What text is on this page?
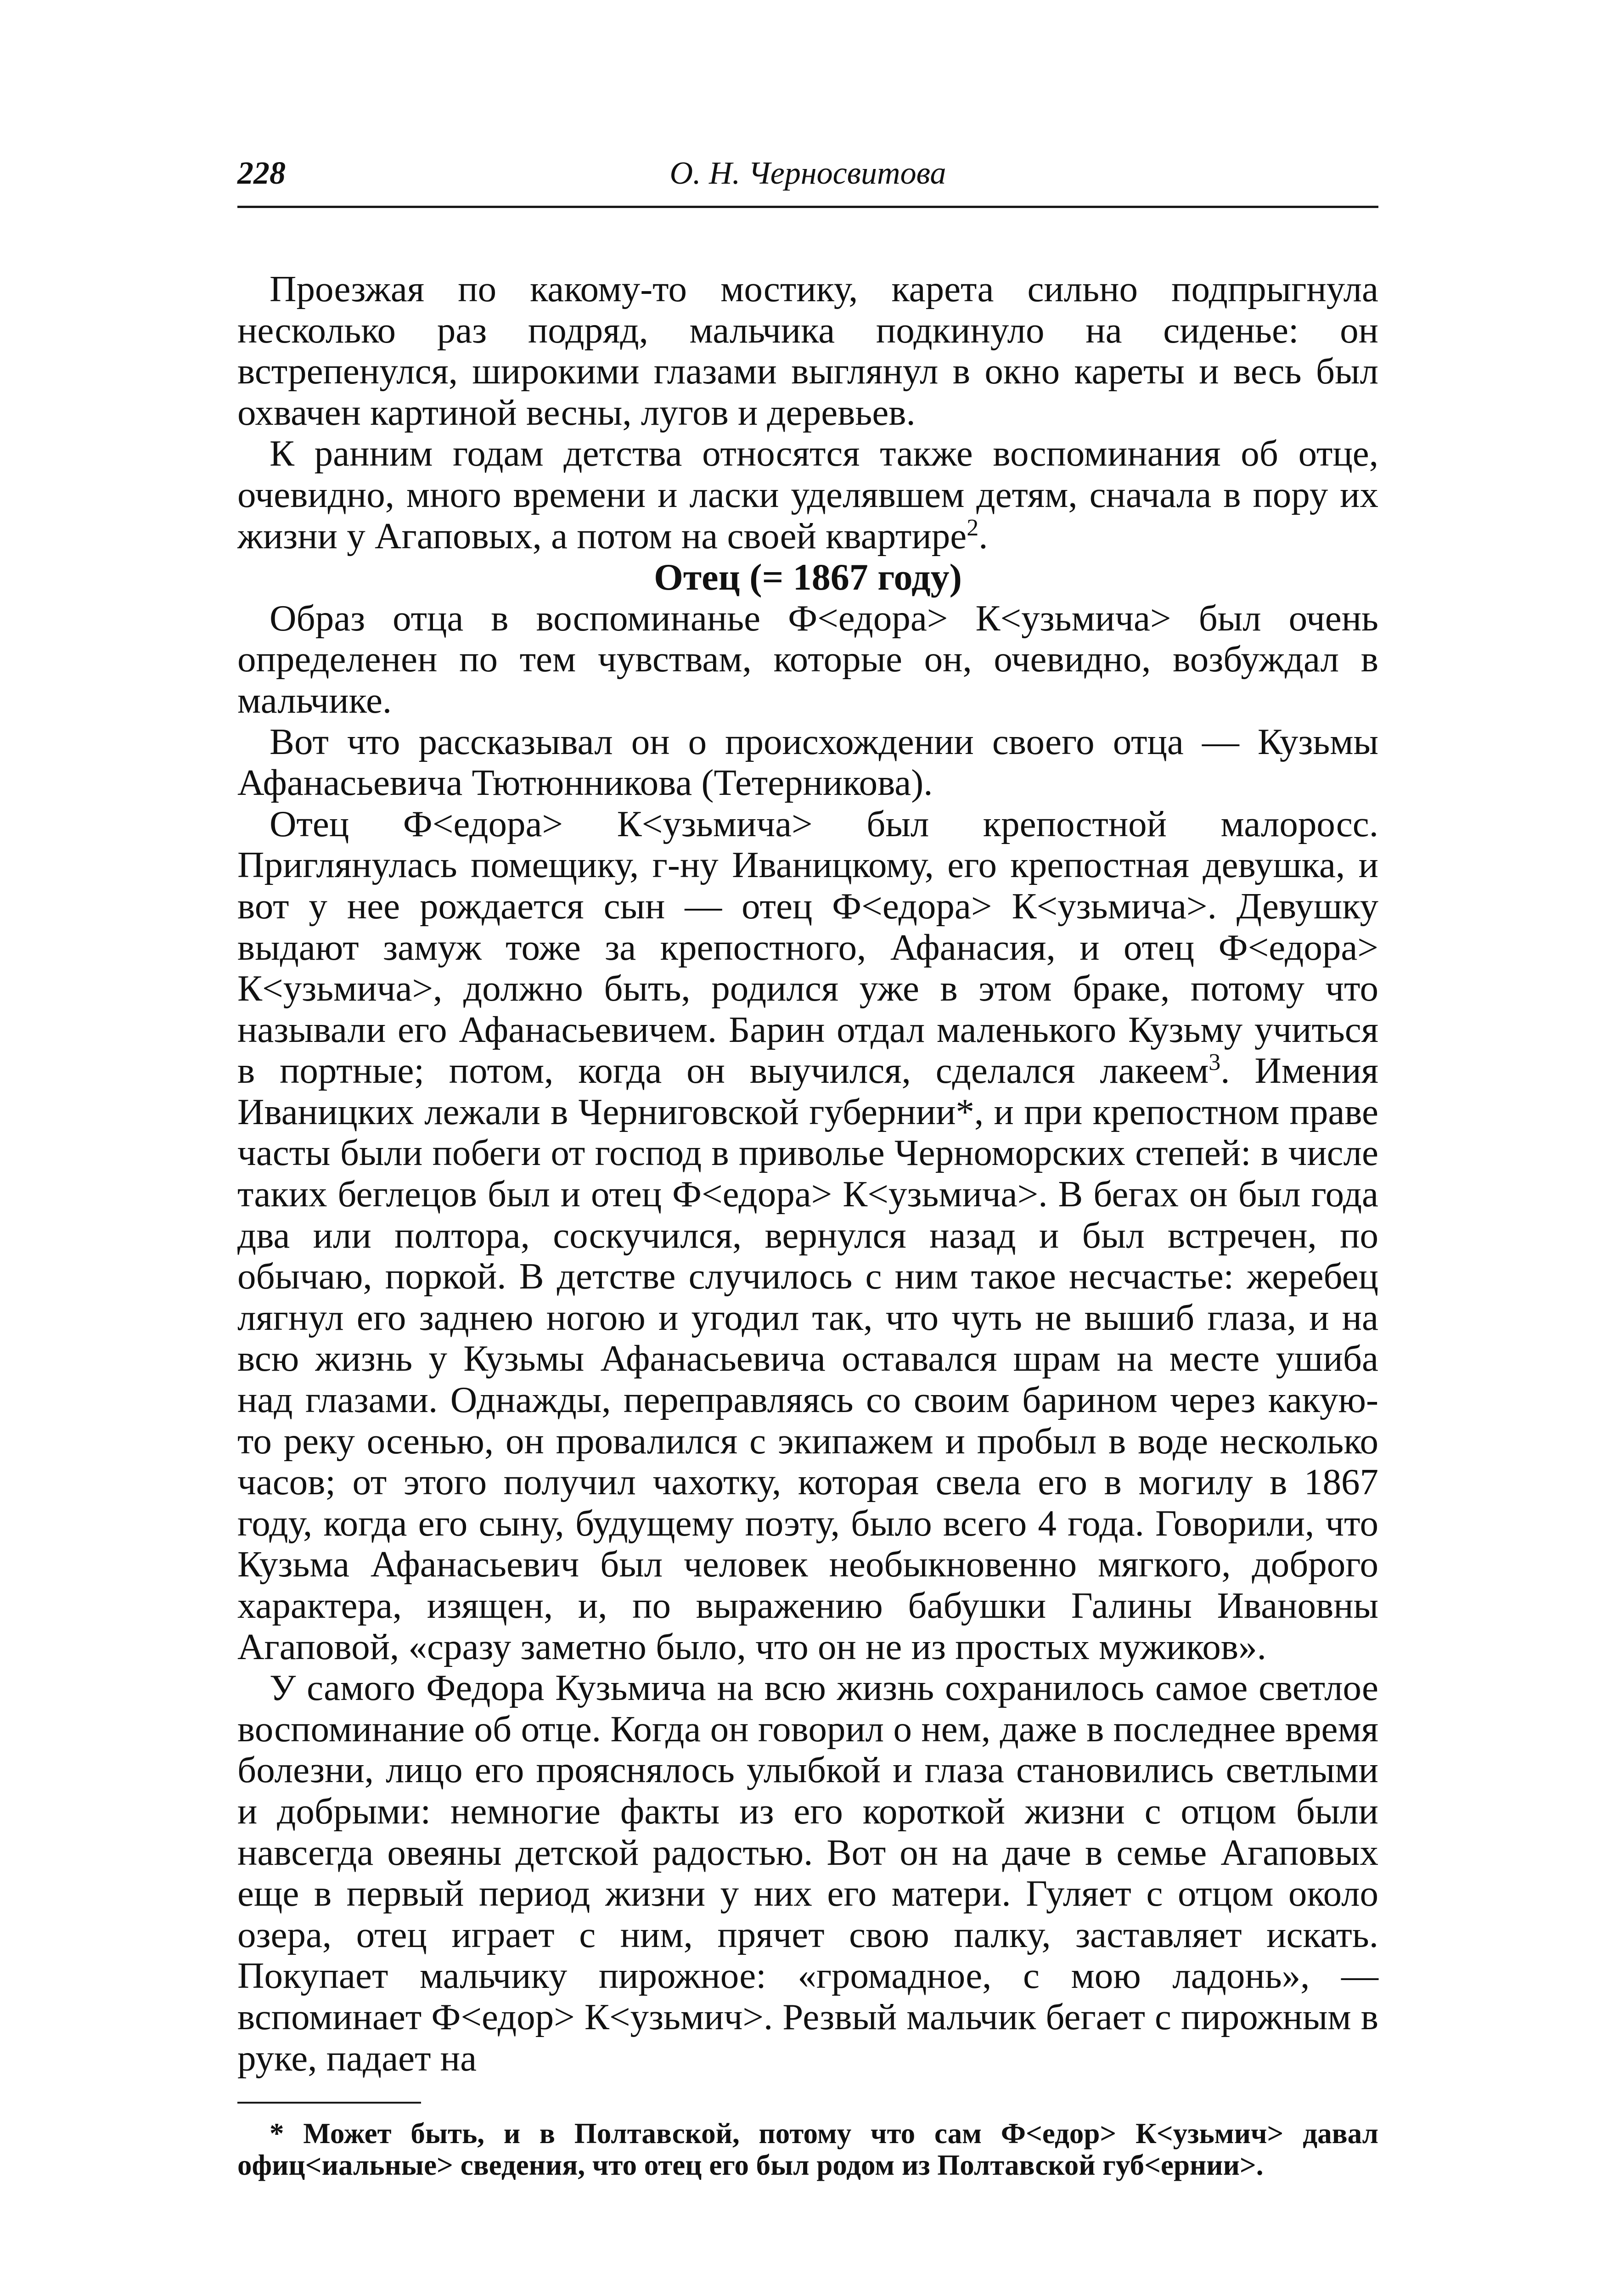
228	О. Н. Черносвитова

Проезжая по какому-то мостику, карета сильно подпрыгнула несколько раз подряд, мальчика подкинуло на сиденье: он встрепенулся, широкими глазами выглянул в окно кареты и весь был охвачен картиной весны, лугов и деревьев.

К ранним годам детства относятся также воспоминания об отце, очевидно, много времени и ласки уделявшем детям, сначала в пору их жизни у Агаповых, а потом на своей квартире$^2$.

Отец (= 1867 году)

Образ отца в воспоминанье Ф<едора> К<узьмича> был очень определенен по тем чувствам, которые он, очевидно, возбуждал в мальчике.

Вот что рассказывал он о происхождении своего отца — Кузьмы Афанасьевича Тютюнникова (Тетерникова).

Отец Ф<едора> К<узьмича> был крепостной малоросс. Приглянулась помещику, г-ну Иваницкому, его крепостная девушка, и вот у нее рождается сын — отец Ф<едора> К<узьмича>. Девушку выдают замуж тоже за крепостного, Афанасия, и отец Ф<едора> К<узьмича>, должно быть, родился уже в этом браке, потому что называли его Афанасьевичем. Барин отдал маленького Кузьму учиться в портные; потом, когда он выучился, сделался лакеем$^3$. Имения Иваницких лежали в Черниговской губернии*, и при крепостном праве часты были побеги от господ в приволье Черноморских степей: в числе таких беглецов был и отец Ф<едора> К<узьмича>. В бегах он был года два или полтора, соскучился, вернулся назад и был встречен, по обычаю, поркой. В детстве случилось с ним такое несчастье: жеребец лягнул его заднею ногою и угодил так, что чуть не вышиб глаза, и на всю жизнь у Кузьмы Афанасьевича оставался шрам на месте ушиба над глазами. Однажды, переправляясь со своим барином через какую-то реку осенью, он провалился с экипажем и пробыл в воде несколько часов; от этого получил чахотку, которая свела его в могилу в 1867 году, когда его сыну, будущему поэту, было всего 4 года. Говорили, что Кузьма Афанасьевич был человек необыкновенно мягкого, доброго характера, изящен, и, по выражению бабушки Галины Ивановны Агаповой, «сразу заметно было, что он не из простых мужиков».

У самого Федора Кузьмича на всю жизнь сохранилось самое светлое воспоминание об отце. Когда он говорил о нем, даже в последнее время болезни, лицо его прояснялось улыбкой и глаза становились светлыми и добрыми: немногие факты из его короткой жизни с отцом были навсегда овеяны детской радостью. Вот он на даче в семье Агаповых еще в первый период жизни у них его матери. Гуляет с отцом около озера, отец играет с ним, прячет свою палку, заставляет искать. Покупает мальчику пирожное: «громадное, с мою ладонь», — вспоминает Ф<едор> К<узьмич>. Резвый мальчик бегает с пирожным в руке, падает на

* Может быть, и в Полтавской, потому что сам Ф<едор> К<узьмич> давал офиц<иальные> сведения, что отец его был родом из Полтавской губ<ернии>.
